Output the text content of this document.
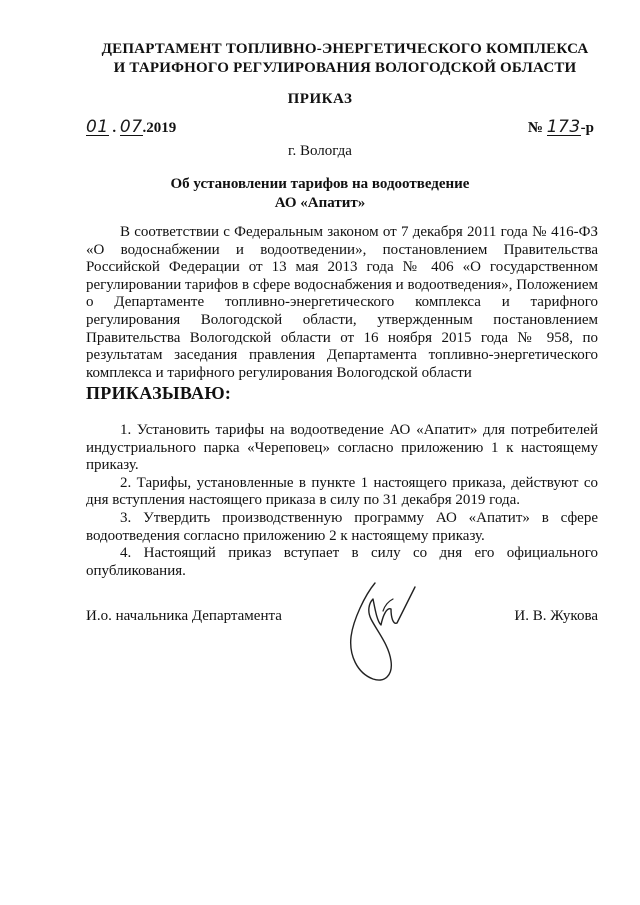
ДЕПАРТАМЕНТ ТОПЛИВНО-ЭНЕРГЕТИЧЕСКОГО КОМПЛЕКСА
И ТАРИФНОГО РЕГУЛИРОВАНИЯ ВОЛОГОДСКОЙ ОБЛАСТИ
ПРИКАЗ
01 . 07.2019	№ 173-р
г. Вологда
Об установлении тарифов на водоотведение
АО «Апатит»
В соответствии с Федеральным законом от 7 декабря 2011 года № 416-ФЗ «О водоснабжении и водоотведении», постановлением Правительства Российской Федерации от 13 мая 2013 года № 406 «О государственном регулировании тарифов в сфере водоснабжения и водоотведения», Положением о Департаменте топливно-энергетического комплекса и тарифного регулирования Вологодской области, утвержденным постановлением Правительства Вологодской области от 16 ноября 2015 года № 958, по результатам заседания правления Департамента топливно-энергетического комплекса и тарифного регулирования Вологодской области
ПРИКАЗЫВАЮ:

1. Установить тарифы на водоотведение АО «Апатит» для потребителей индустриального парка «Череповец» согласно приложению 1 к настоящему приказу.

2. Тарифы, установленные в пункте 1 настоящего приказа, действуют со дня вступления настоящего приказа в силу по 31 декабря 2019 года.

3. Утвердить производственную программу АО «Апатит» в сфере водоотведения согласно приложению 2 к настоящему приказу.

4. Настоящий приказ вступает в силу со дня его официального опубликования.

И.о. начальника Департамента	И. В. Жукова
